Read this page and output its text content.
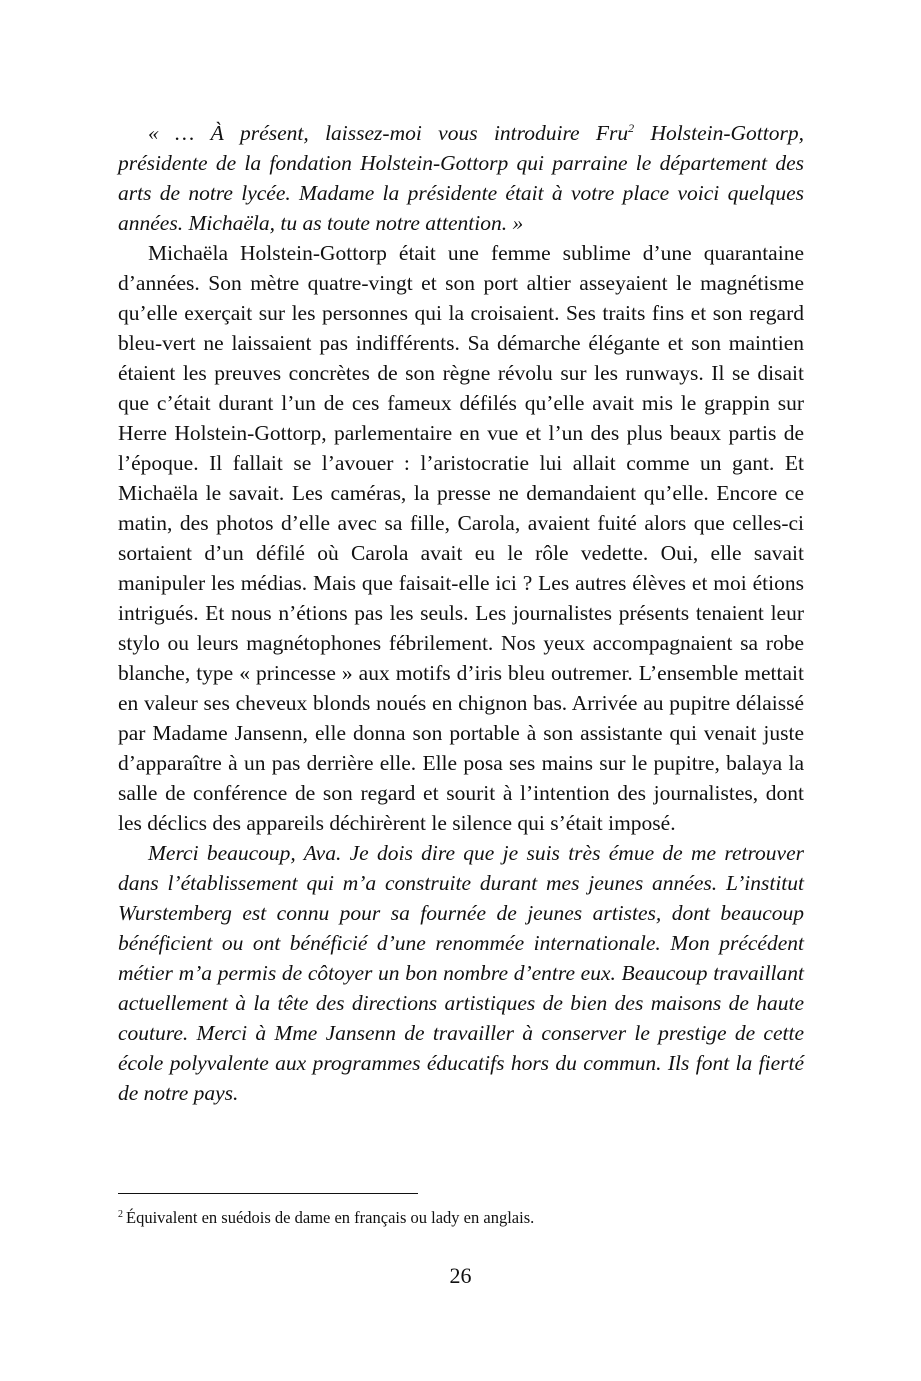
« … À présent, laissez-moi vous introduire Fru$^2$ Holstein-Gottorp, présidente de la fondation Holstein-Gottorp qui parraine le département des arts de notre lycée. Madame la présidente était à votre place voici quelques années. Michaëla, tu as toute notre attention. »

Michaëla Holstein-Gottorp était une femme sublime d’une quarantaine d’années. Son mètre quatre-vingt et son port altier asseyaient le magnétisme qu’elle exerçait sur les personnes qui la croisaient. Ses traits fins et son regard bleu-vert ne laissaient pas indifférents. Sa démarche élégante et son maintien étaient les preuves concrètes de son règne révolu sur les runways. Il se disait que c’était durant l’un de ces fameux défilés qu’elle avait mis le grappin sur Herre Holstein-Gottorp, parlementaire en vue et l’un des plus beaux partis de l’époque. Il fallait se l’avouer : l’aristocratie lui allait comme un gant. Et Michaëla le savait. Les caméras, la presse ne demandaient qu’elle. Encore ce matin, des photos d’elle avec sa fille, Carola, avaient fuité alors que celles-ci sortaient d’un défilé où Carola avait eu le rôle vedette. Oui, elle savait manipuler les médias. Mais que faisait-elle ici ? Les autres élèves et moi étions intrigués. Et nous n’étions pas les seuls. Les journalistes présents tenaient leur stylo ou leurs magnétophones fébrilement. Nos yeux accompagnaient sa robe blanche, type « princesse » aux motifs d’iris bleu outremer. L’ensemble mettait en valeur ses cheveux blonds noués en chignon bas. Arrivée au pupitre délaissé par Madame Jansenn, elle donna son portable à son assistante qui venait juste d’apparaître à un pas derrière elle. Elle posa ses mains sur le pupitre, balaya la salle de conférence de son regard et sourit à l’intention des journalistes, dont les déclics des appareils déchirèrent le silence qui s’était imposé.

Merci beaucoup, Ava. Je dois dire que je suis très émue de me retrouver dans l’établissement qui m’a construite durant mes jeunes années. L’institut Wurstemberg est connu pour sa fournée de jeunes artistes, dont beaucoup bénéficient ou ont bénéficié d’une renommée internationale. Mon précédent métier m’a permis de côtoyer un bon nombre d’entre eux. Beaucoup travaillant actuellement à la tête des directions artistiques de bien des maisons de haute couture. Merci à Mme Jansenn de travailler à conserver le prestige de cette école polyvalente aux programmes éducatifs hors du commun. Ils font la fierté de notre pays.

$^2$ Équivalent en suédois de dame en français ou lady en anglais.
26
